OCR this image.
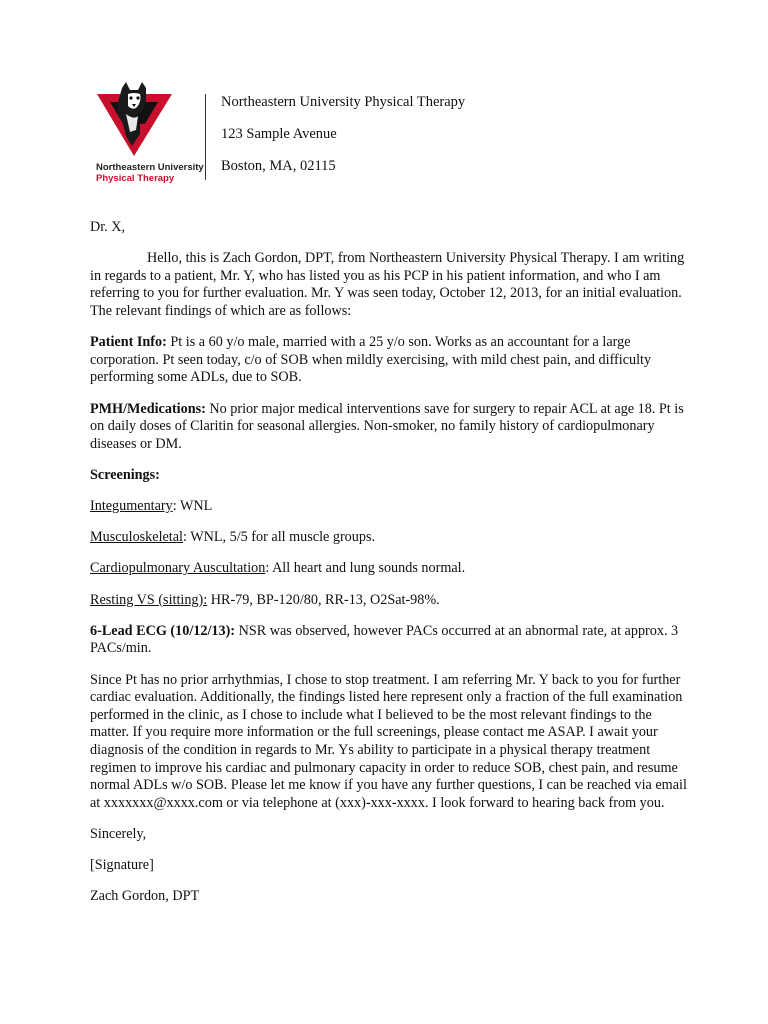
Northeastern University
Physical Therapy
Northeastern University Physical Therapy
123 Sample Avenue
Boston, MA, 02115

Dr. X,

Hello, this is Zach Gordon, DPT, from Northeastern University Physical Therapy. I am writing in regards to a patient, Mr. Y, who has listed you as his PCP in his patient information, and who I am referring to you for further evaluation. Mr. Y was seen today, October 12, 2013, for an initial evaluation. The relevant findings of which are as follows:

Patient Info: Pt is a 60 y/o male, married with a 25 y/o son. Works as an accountant for a large corporation. Pt seen today, c/o of SOB when mildly exercising, with mild chest pain, and difficulty performing some ADLs, due to SOB.

PMH/Medications: No prior major medical interventions save for surgery to repair ACL at age 18. Pt is on daily doses of Claritin for seasonal allergies. Non-smoker, no family history of cardiopulmonary diseases or DM.

Screenings:

Integumentary: WNL

Musculoskeletal: WNL, 5/5 for all muscle groups.

Cardiopulmonary Auscultation: All heart and lung sounds normal.

Resting VS (sitting): HR-79, BP-120/80, RR-13, O2Sat-98%.

6-Lead ECG (10/12/13): NSR was observed, however PACs occurred at an abnormal rate, at approx. 3 PACs/min.

Since Pt has no prior arrhythmias, I chose to stop treatment. I am referring Mr. Y back to you for further cardiac evaluation. Additionally, the findings listed here represent only a fraction of the full examination performed in the clinic, as I chose to include what I believed to be the most relevant findings to the matter. If you require more information or the full screenings, please contact me ASAP. I await your diagnosis of the condition in regards to Mr. Ys ability to participate in a physical therapy treatment regimen to improve his cardiac and pulmonary capacity in order to reduce SOB, chest pain, and resume normal ADLs w/o SOB. Please let me know if you have any further questions, I can be reached via email at xxxxxxx@xxxx.com or via telephone at (xxx)-xxx-xxxx. I look forward to hearing back from you.

Sincerely,

[Signature]

Zach Gordon, DPT
